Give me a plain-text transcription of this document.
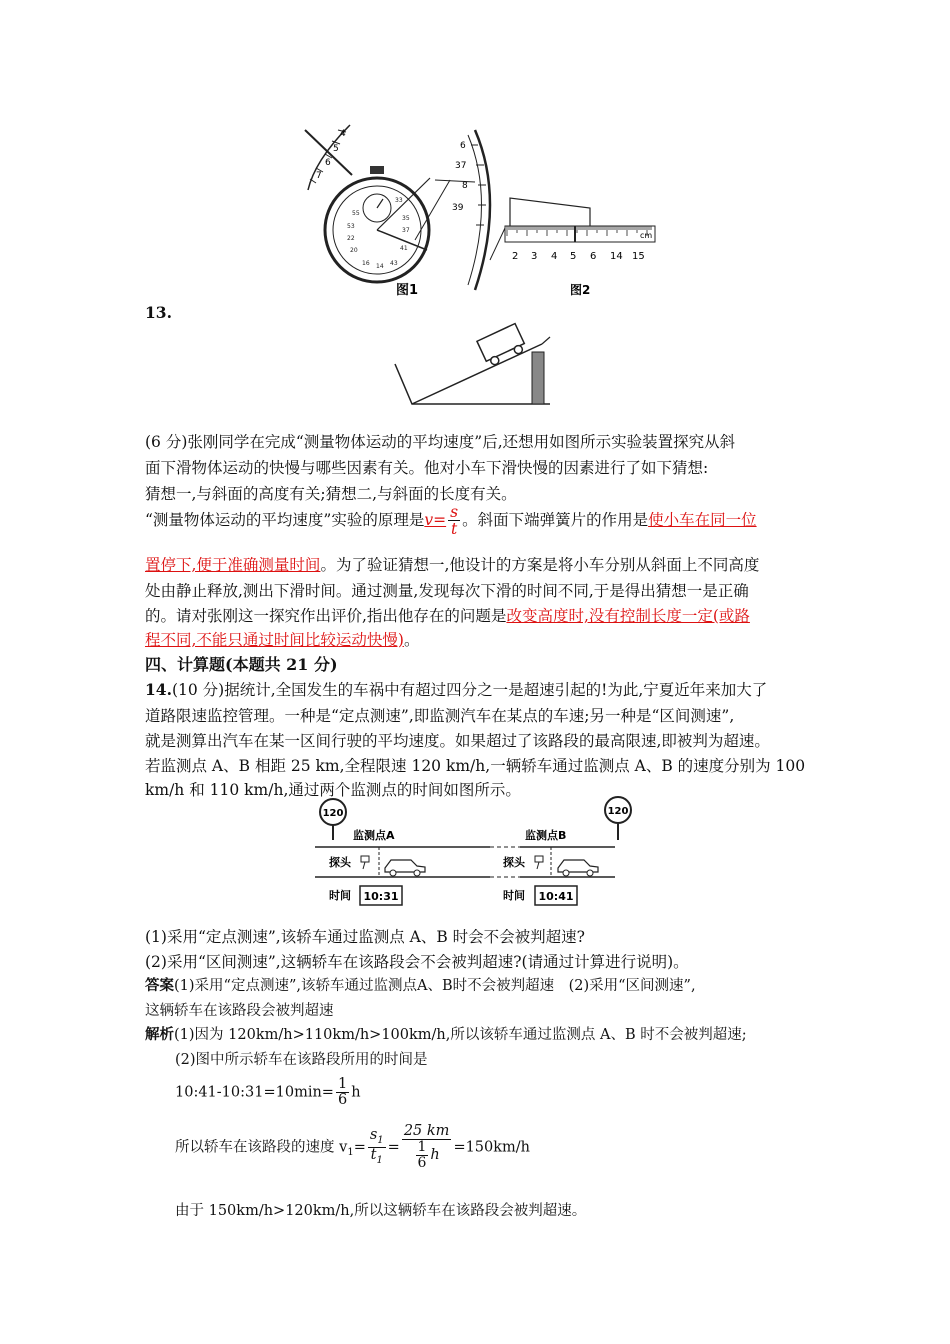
4
5
6
7
55
53
22
20
16 14 43
41
37
35
33
6
37
8
39
2 3 4 5 6 14 15
cm
图1	图2
13.
(6 分)张刚同学在完成“测量物体运动的平均速度”后,还想用如图所示实验装置探究从斜
面下滑物体运动的快慢与哪些因素有关。他对小车下滑快慢的因素进行了如下猜想:
猜想一,与斜面的高度有关;猜想二,与斜面的长度有关。
“测量物体运动的平均速度”实验的原理是$v= \frac{s}{t}$ 。斜面下端弹簧片的作用是使小车在同一位
置停下,便于准确测量时间。为了验证猜想一,他设计的方案是将小车分别从斜面上不同高度
处由静止释放,测出下滑时间。通过测量,发现每次下滑的时间不同,于是得出猜想一是正确
的。请对张刚这一探究作出评价,指出他存在的问题是改变高度时,没有控制长度一定(或路
程不同,不能只通过时间比较运动快慢)。
四、计算题(本题共 21 分)
14.(10 分)据统计,全国发生的车祸中有超过四分之一是超速引起的!为此,宁夏近年来加大了
道路限速监控管理。一种是“定点测速”,即监测汽车在某点的车速;另一种是“区间测速”,
就是测算出汽车在某一区间行驶的平均速度。如果超过了该路段的最高限速,即被判为超速。
若监测点 A、B 相距 25 km,全程限速 120 km/h,一辆轿车通过监测点 A、B 的速度分别为 100
km/h 和 110 km/h,通过两个监测点的时间如图所示。
120	120
监测点A	监测点B
探头	探头
时间 10:31	时间 10:41
(1)采用“定点测速”,该轿车通过监测点 A、B 时会不会被判超速?
(2)采用“区间测速”,这辆轿车在该路段会不会被判超速?(请通过计算进行说明)。
答案(1)采用“定点测速”,该轿车通过监测点A、B时不会被判超速　(2)采用“区间测速”,
这辆轿车在该路段会被判超速
解析(1)因为 120km/h>110km/h>100km/h,所以该轿车通过监测点 A、B 时不会被判超速;
(2)图中所示轿车在该路段所用的时间是
10:41-10:31=10min= $\frac{1}{6}$ h
所以轿车在该路段的速度 $v_1= \frac{s_1}{t_1} = \frac{25 km}{\frac{1}{6} h} =150km/h$
由于 150km/h>120km/h,所以这辆轿车在该路段会被判超速。
